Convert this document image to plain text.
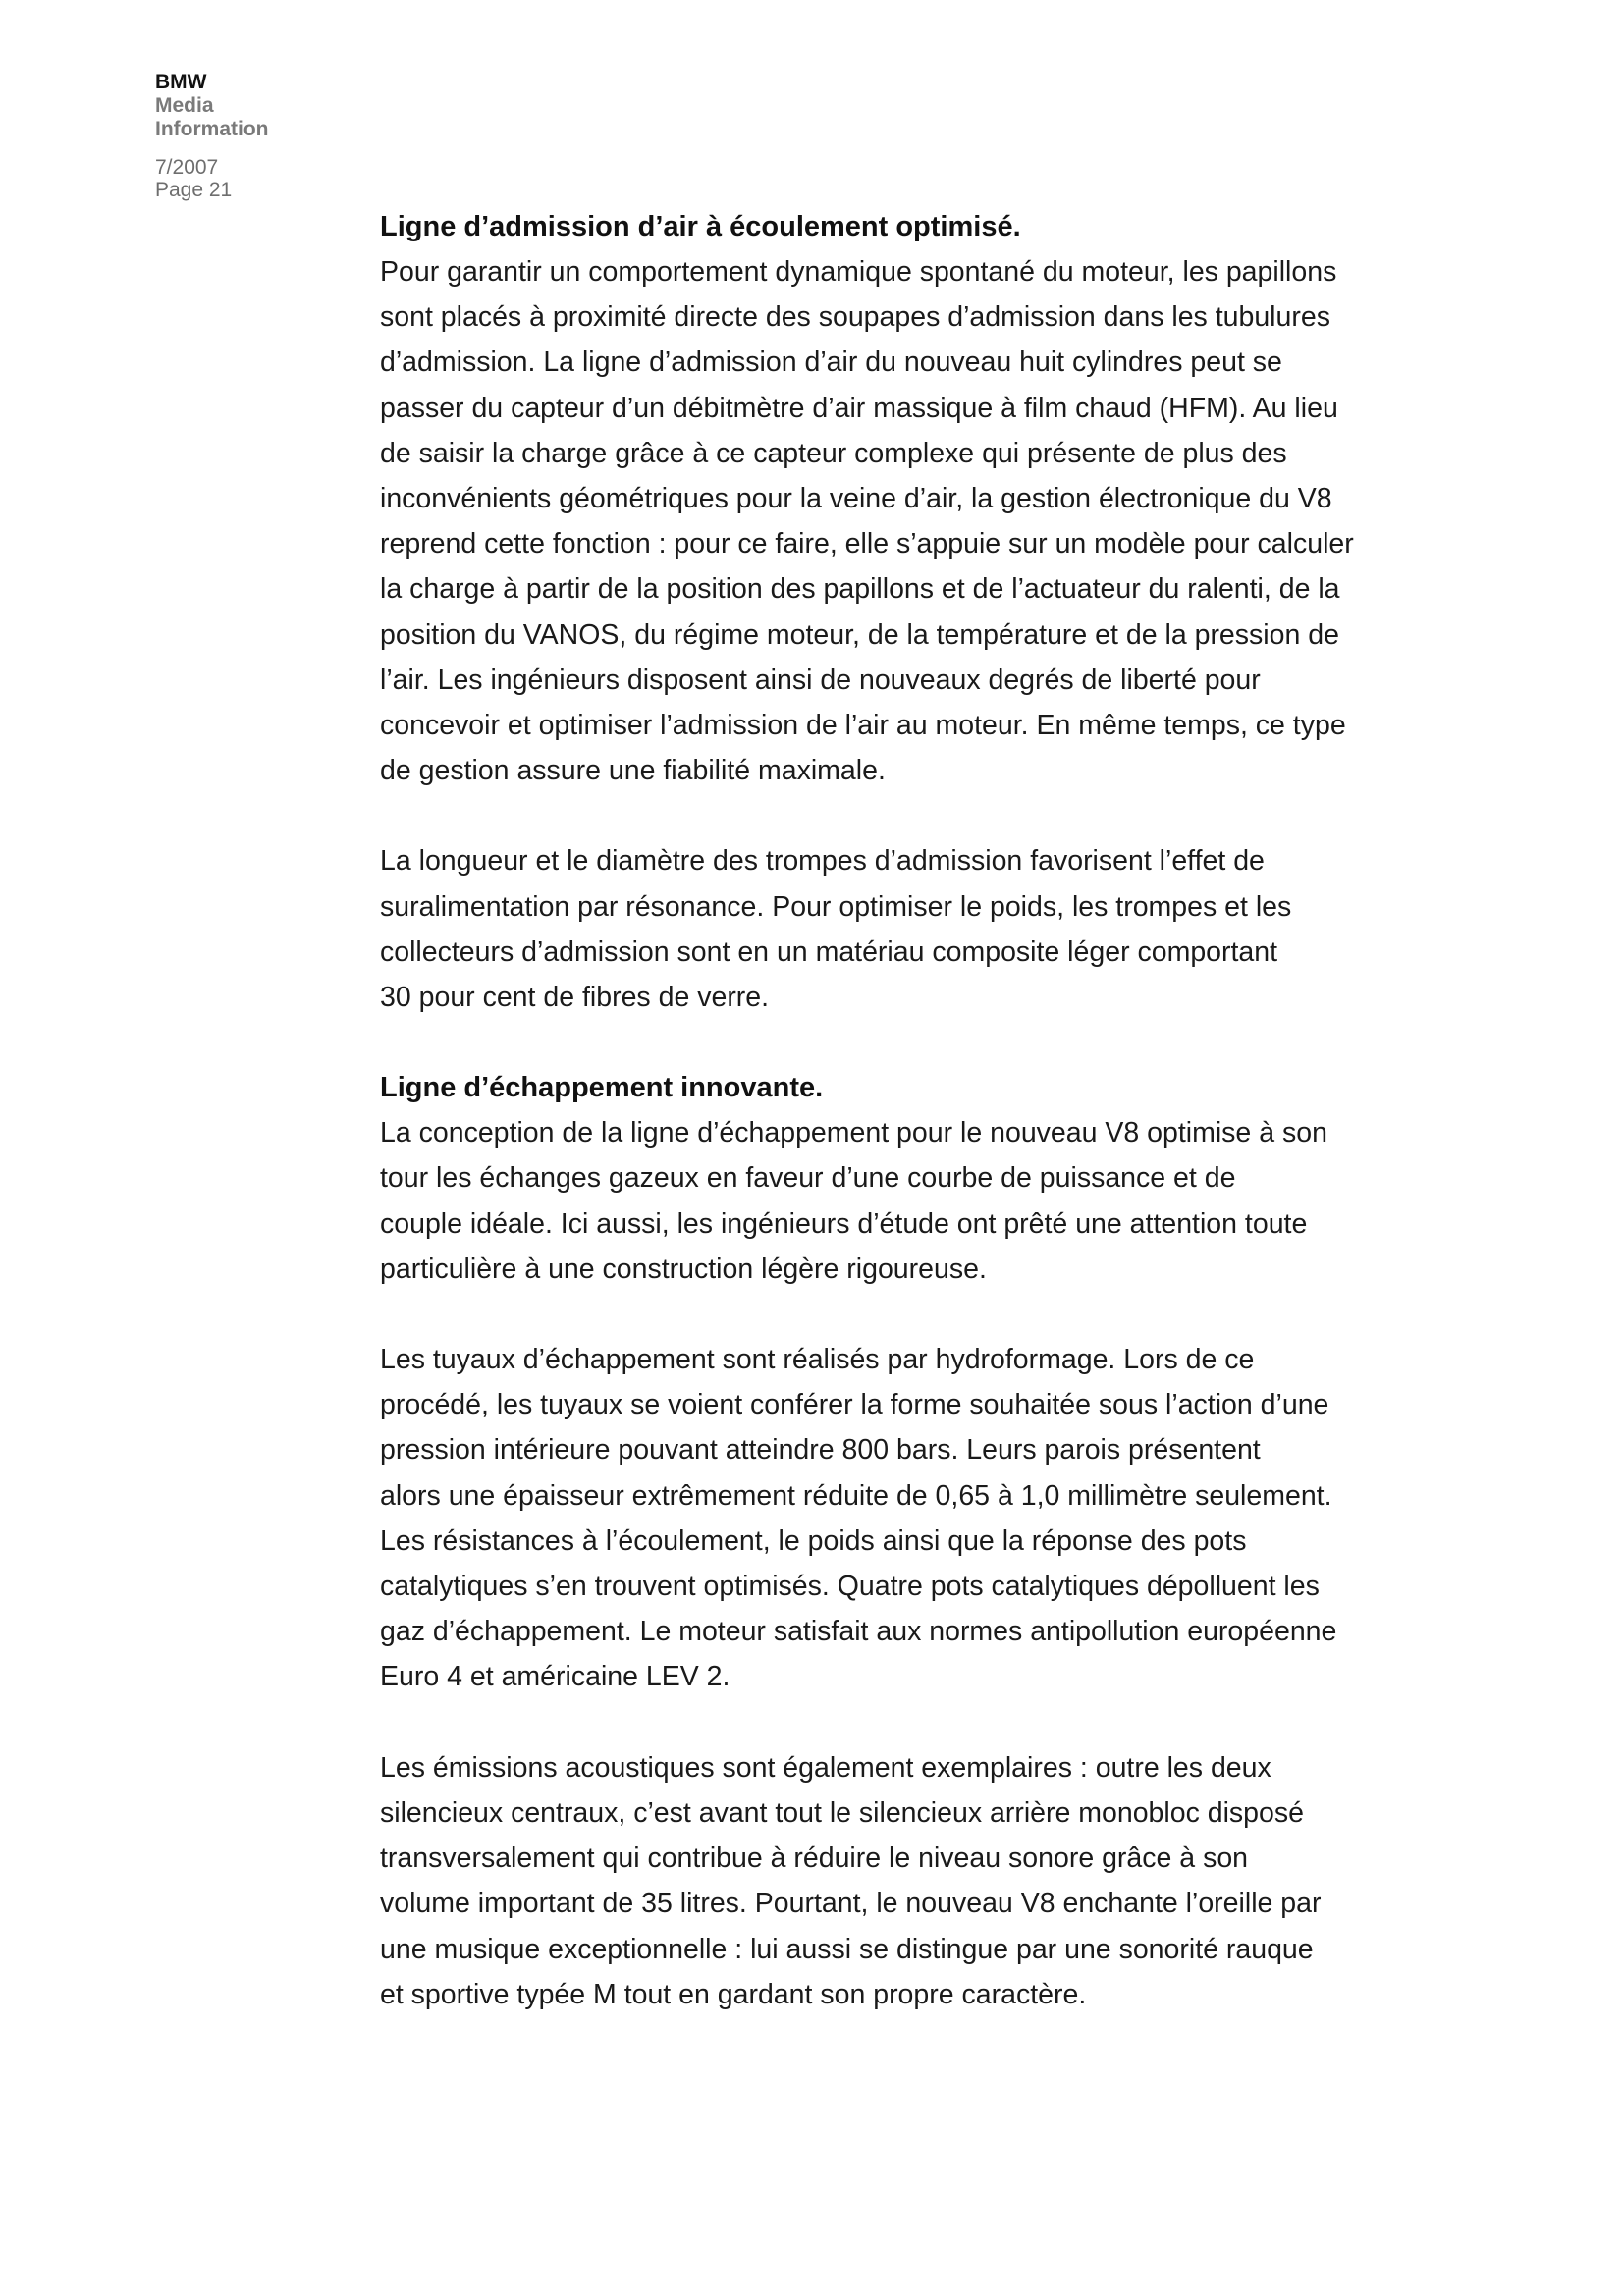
BMW
Media
Information
7/2007
Page 21
Ligne d’admission d’air à écoulement optimisé.

Pour garantir un comportement dynamique spontané du moteur, les papillons
sont placés à proximité directe des soupapes d’admission dans les tubulures
d’admission. La ligne d’admission d’air du nouveau huit cylindres peut se
passer du capteur d’un débitmètre d’air massique à film chaud (HFM). Au lieu
de saisir la charge grâce à ce capteur complexe qui présente de plus des
inconvénients géométriques pour la veine d’air, la gestion électronique du V8
reprend cette fonction : pour ce faire, elle s’appuie sur un modèle pour calculer
la charge à partir de la position des papillons et de l’actuateur du ralenti, de la
position du VANOS, du régime moteur, de la température et de la pression de
l’air. Les ingénieurs disposent ainsi de nouveaux degrés de liberté pour
concevoir et optimiser l’admission de l’air au moteur. En même temps, ce type
de gestion assure une fiabilité maximale.

La longueur et le diamètre des trompes d’admission favorisent l’effet de
suralimentation par résonance. Pour optimiser le poids, les trompes et les
collecteurs d’admission sont en un matériau composite léger comportant
30 pour cent de fibres de verre.

Ligne d’échappement innovante.

La conception de la ligne d’échappement pour le nouveau V8 optimise à son
tour les échanges gazeux en faveur d’une courbe de puissance et de
couple idéale. Ici aussi, les ingénieurs d’étude ont prêté une attention toute
particulière à une construction légère rigoureuse.

Les tuyaux d’échappement sont réalisés par hydroformage. Lors de ce
procédé, les tuyaux se voient conférer la forme souhaitée sous l’action d’une
pression intérieure pouvant atteindre 800 bars. Leurs parois présentent
alors une épaisseur extrêmement réduite de 0,65 à 1,0 millimètre seulement.
Les résistances à l’écoulement, le poids ainsi que la réponse des pots
catalytiques s’en trouvent optimisés. Quatre pots catalytiques dépolluent les
gaz d’échappement. Le moteur satisfait aux normes antipollution européenne
Euro 4 et américaine LEV 2.

Les émissions acoustiques sont également exemplaires : outre les deux
silencieux centraux, c’est avant tout le silencieux arrière monobloc disposé
transversalement qui contribue à réduire le niveau sonore grâce à son
volume important de 35 litres. Pourtant, le nouveau V8 enchante l’oreille par
une musique exceptionnelle : lui aussi se distingue par une sonorité rauque
et sportive typée M tout en gardant son propre caractère.
